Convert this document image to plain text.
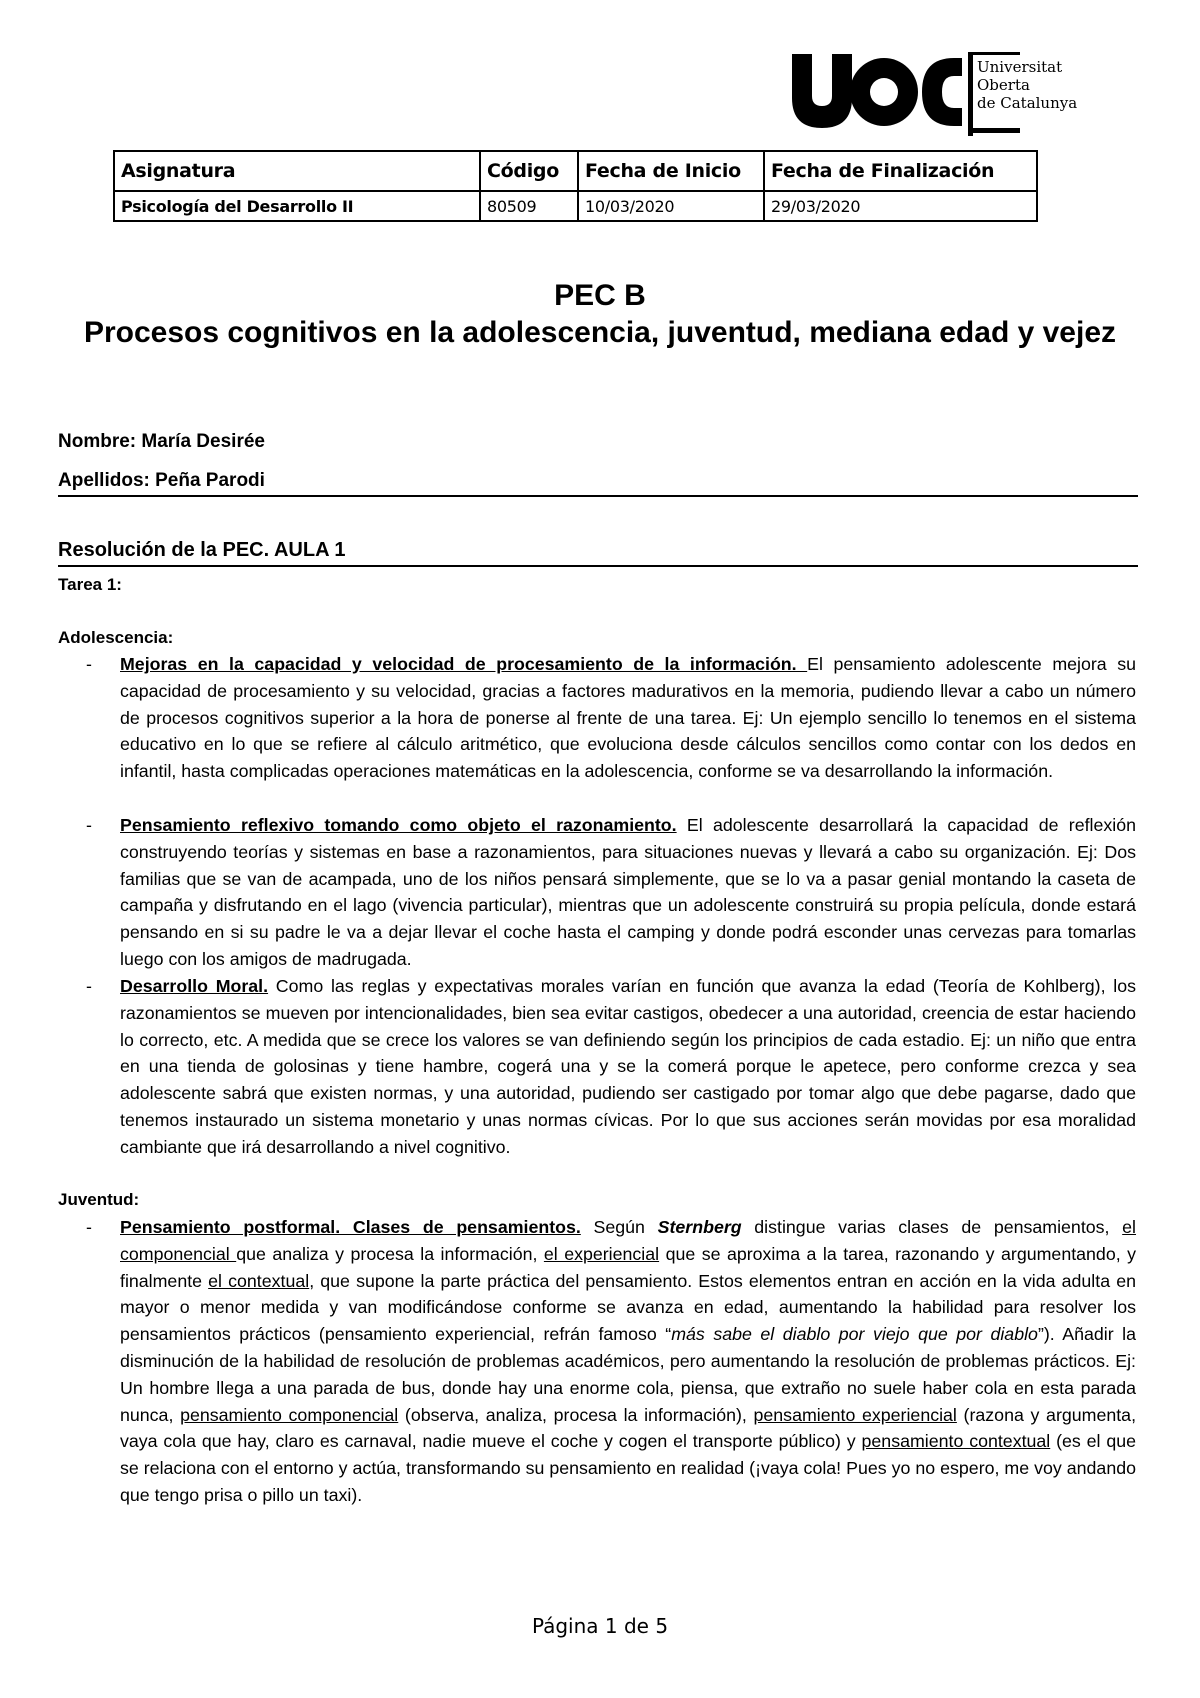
Universitat
Oberta
de Catalunya
Asignatura	Código	Fecha de Inicio	Fecha de Finalización
Psicología del Desarrollo II	80509	10/03/2020	29/03/2020
PEC B
Procesos cognitivos en la adolescencia, juventud, mediana edad y vejez
Nombre: María Desirée
Apellidos: Peña Parodi
Resolución de la PEC. AULA 1
Tarea 1:
Adolescencia:
- Mejoras en la capacidad y velocidad de procesamiento de la información. El pensamiento adolescente mejora su capacidad de procesamiento y su velocidad, gracias a factores madurativos en la memoria, pudiendo llevar a cabo un número de procesos cognitivos superior a la hora de ponerse al frente de una tarea. Ej: Un ejemplo sencillo lo tenemos en el sistema educativo en lo que se refiere al cálculo aritmético, que evoluciona desde cálculos sencillos como contar con los dedos en infantil, hasta complicadas operaciones matemáticas en la adolescencia, conforme se va desarrollando la información.
- Pensamiento reflexivo tomando como objeto el razonamiento. El adolescente desarrollará la capacidad de reflexión construyendo teorías y sistemas en base a razonamientos, para situaciones nuevas y llevará a cabo su organización. Ej: Dos familias que se van de acampada, uno de los niños pensará simplemente, que se lo va a pasar genial montando la caseta de campaña y disfrutando en el lago (vivencia particular), mientras que un adolescente construirá su propia película, donde estará pensando en si su padre le va a dejar llevar el coche hasta el camping y donde podrá esconder unas cervezas para tomarlas luego con los amigos de madrugada.
- Desarrollo Moral. Como las reglas y expectativas morales varían en función que avanza la edad (Teoría de Kohlberg), los razonamientos se mueven por intencionalidades, bien sea evitar castigos, obedecer a una autoridad, creencia de estar haciendo lo correcto, etc. A medida que se crece los valores se van definiendo según los principios de cada estadio. Ej: un niño que entra en una tienda de golosinas y tiene hambre, cogerá una y se la comerá porque le apetece, pero conforme crezca y sea adolescente sabrá que existen normas, y una autoridad, pudiendo ser castigado por tomar algo que debe pagarse, dado que tenemos instaurado un sistema monetario y unas normas cívicas. Por lo que sus acciones serán movidas por esa moralidad cambiante que irá desarrollando a nivel cognitivo.
Juventud:
- Pensamiento postformal. Clases de pensamientos. Según Sternberg distingue varias clases de pensamientos, el componencial que analiza y procesa la información, el experiencial que se aproxima a la tarea, razonando y argumentando, y finalmente el contextual, que supone la parte práctica del pensamiento. Estos elementos entran en acción en la vida adulta en mayor o menor medida y van modificándose conforme se avanza en edad, aumentando la habilidad para resolver los pensamientos prácticos (pensamiento experiencial, refrán famoso “más sabe el diablo por viejo que por diablo”). Añadir la disminución de la habilidad de resolución de problemas académicos, pero aumentando la resolución de problemas prácticos. Ej: Un hombre llega a una parada de bus, donde hay una enorme cola, piensa, que extraño no suele haber cola en esta parada nunca, pensamiento componencial (observa, analiza, procesa la información), pensamiento experiencial (razona y argumenta, vaya cola que hay, claro es carnaval, nadie mueve el coche y cogen el transporte público) y pensamiento contextual (es el que se relaciona con el entorno y actúa, transformando su pensamiento en realidad (¡vaya cola! Pues yo no espero, me voy andando que tengo prisa o pillo un taxi).
Página 1 de 5
